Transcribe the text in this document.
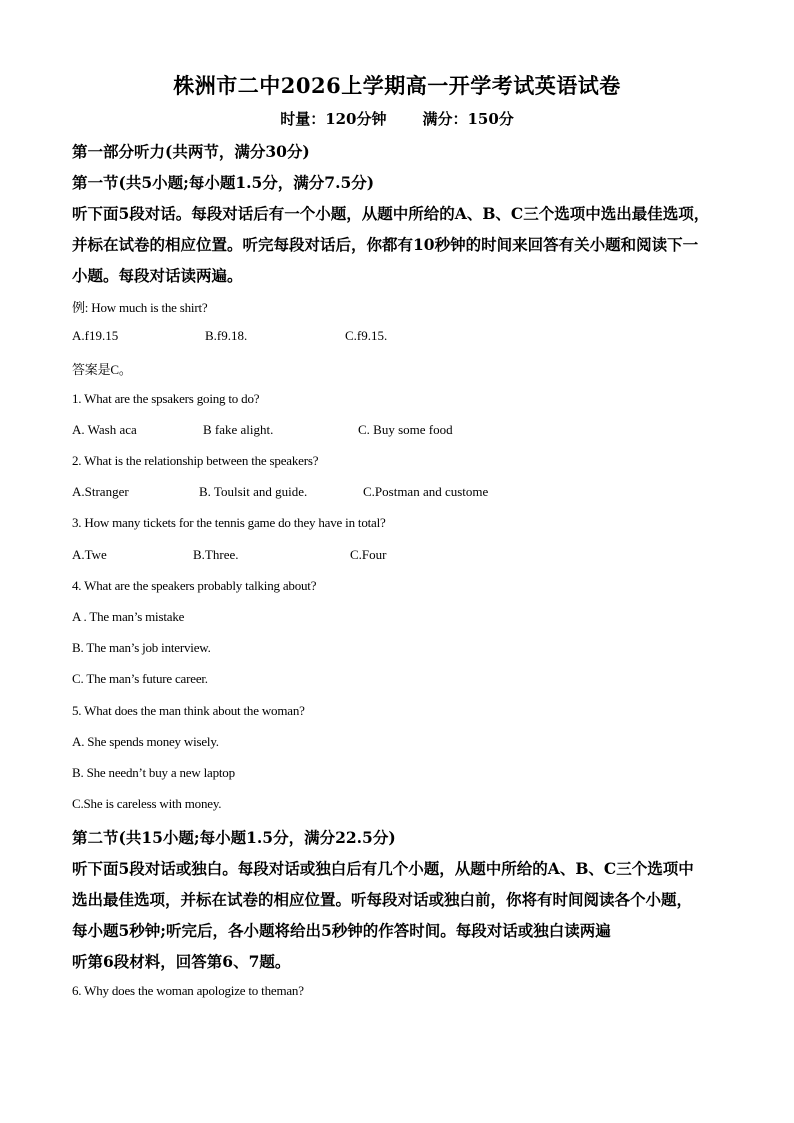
株洲市二中2026上学期高一开学考试英语试卷
时量：120分钟 满分：150分
第一部分听力(共两节，满分30分)
第一节(共5小题;每小题1.5分，满分7.5分)
听下面5段对话。每段对话后有一个小题，从题中所给的A、B、C三个选项中选出最佳选项，
并标在试卷的相应位置。听完每段对话后，你都有10秒钟的时间来回答有关小题和阅读下一
小题。每段对话读两遍。
例: How much is the shirt?
A.f19.15	B.f9.18.	C.f9.15.
答案是C。
1. What are the spsakers going to do?
A. Wash aca	B fake alight.	C. Buy some food
2. What is the relationship between the speakers?
A.Stranger	B. Toulsit and guide.	C.Postman and custome
3. How many tickets for the tennis game do they have in total?
A.Twe	B.Three.	C.Four
4. What are the speakers probably talking about?
A . The man’s mistake
B. The man’s job interview.
C. The man’s future career.
5. What does the man think about the woman?
A. She spends money wisely.
B. She needn’t buy a new laptop
C.She is careless with money.
第二节(共15小题;每小题1.5分，满分22.5分)
听下面5段对话或独白。每段对话或独白后有几个小题，从题中所给的A、B、C三个选项中
选出最佳选项，并标在试卷的相应位置。听每段对话或独白前，你将有时间阅读各个小题，
每小题5秒钟;听完后，各小题将给出5秒钟的作答时间。每段对话或独白读两遍
听第6段材料，回答第6、7题。
6. Why does the woman apologize to theman?
